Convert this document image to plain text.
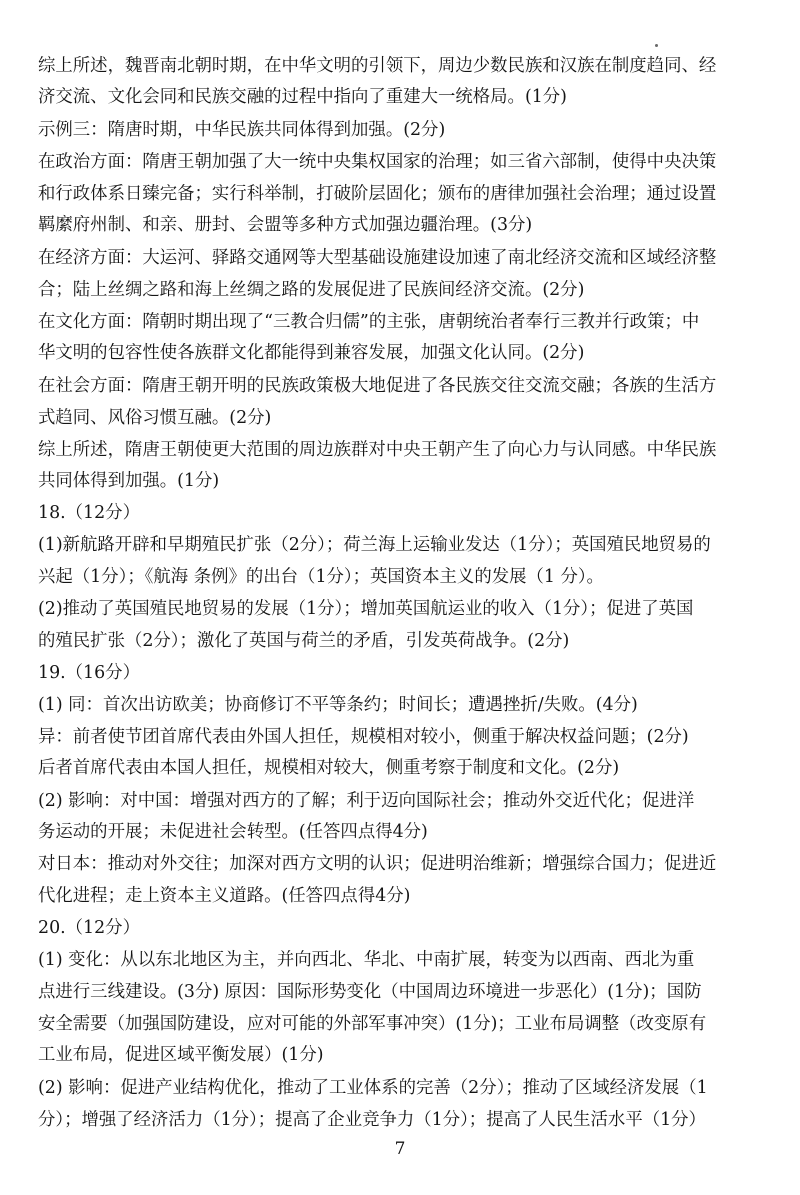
综上所述，魏晋南北朝时期，在中华文明的引领下，周边少数民族和汉族在制度趋同、经
济交流、文化会同和民族交融的过程中指向了重建大一统格局。(1分)
示例三：隋唐时期，中华民族共同体得到加强。(2分)
在政治方面：隋唐王朝加强了大一统中央集权国家的治理；如三省六部制，使得中央决策
和行政体系日臻完备；实行科举制，打破阶层固化；颁布的唐律加强社会治理；通过设置
羁縻府州制、和亲、册封、会盟等多种方式加强边疆治理。(3分)
在经济方面：大运河、驿路交通网等大型基础设施建设加速了南北经济交流和区域经济整
合；陆上丝绸之路和海上丝绸之路的发展促进了民族间经济交流。(2分)
在文化方面：隋朝时期出现了“三教合归儒”的主张，唐朝统治者奉行三教并行政策；中
华文明的包容性使各族群文化都能得到兼容发展，加强文化认同。(2分)
在社会方面：隋唐王朝开明的民族政策极大地促进了各民族交往交流交融；各族的生活方
式趋同、风俗习惯互融。(2分)
综上所述，隋唐王朝使更大范围的周边族群对中央王朝产生了向心力与认同感。中华民族
共同体得到加强。(1分)
18.（12分）
(1)新航路开辟和早期殖民扩张（2分）；荷兰海上运输业发达（1分）；英国殖民地贸易的
兴起（1分）；《航海 条例》的出台（1分）；英国资本主义的发展（1 分）。
(2)推动了英国殖民地贸易的发展（1分）；增加英国航运业的收入（1分）；促进了英国
的殖民扩张（2分）；激化了英国与荷兰的矛盾，引发英荷战争。(2分)
19.（16分）
(1) 同：首次出访欧美；协商修订不平等条约；时间长；遭遇挫折/失败。(4分)
异：前者使节团首席代表由外国人担任，规模相对较小，侧重于解决权益问题；(2分)
后者首席代表由本国人担任，规模相对较大，侧重考察于制度和文化。(2分)
(2) 影响：对中国：增强对西方的了解；利于迈向国际社会；推动外交近代化；促进洋
务运动的开展；未促进社会转型。(任答四点得4分)
对日本：推动对外交往；加深对西方文明的认识；促进明治维新；增强综合国力；促进近
代化进程；走上资本主义道路。(任答四点得4分)
20.（12分）
(1) 变化：从以东北地区为主，并向西北、华北、中南扩展，转变为以西南、西北为重
点进行三线建设。(3分) 原因：国际形势变化（中国周边环境进一步恶化）(1分)；国防
安全需要（加强国防建设，应对可能的外部军事冲突）(1分)；工业布局调整（改变原有
工业布局，促进区域平衡发展）(1分)
(2) 影响：促进产业结构优化，推动了工业体系的完善（2分）；推动了区域经济发展（1
分）；增强了经济活力（1分）；提高了企业竞争力（1分）；提高了人民生活水平（1分）
7
